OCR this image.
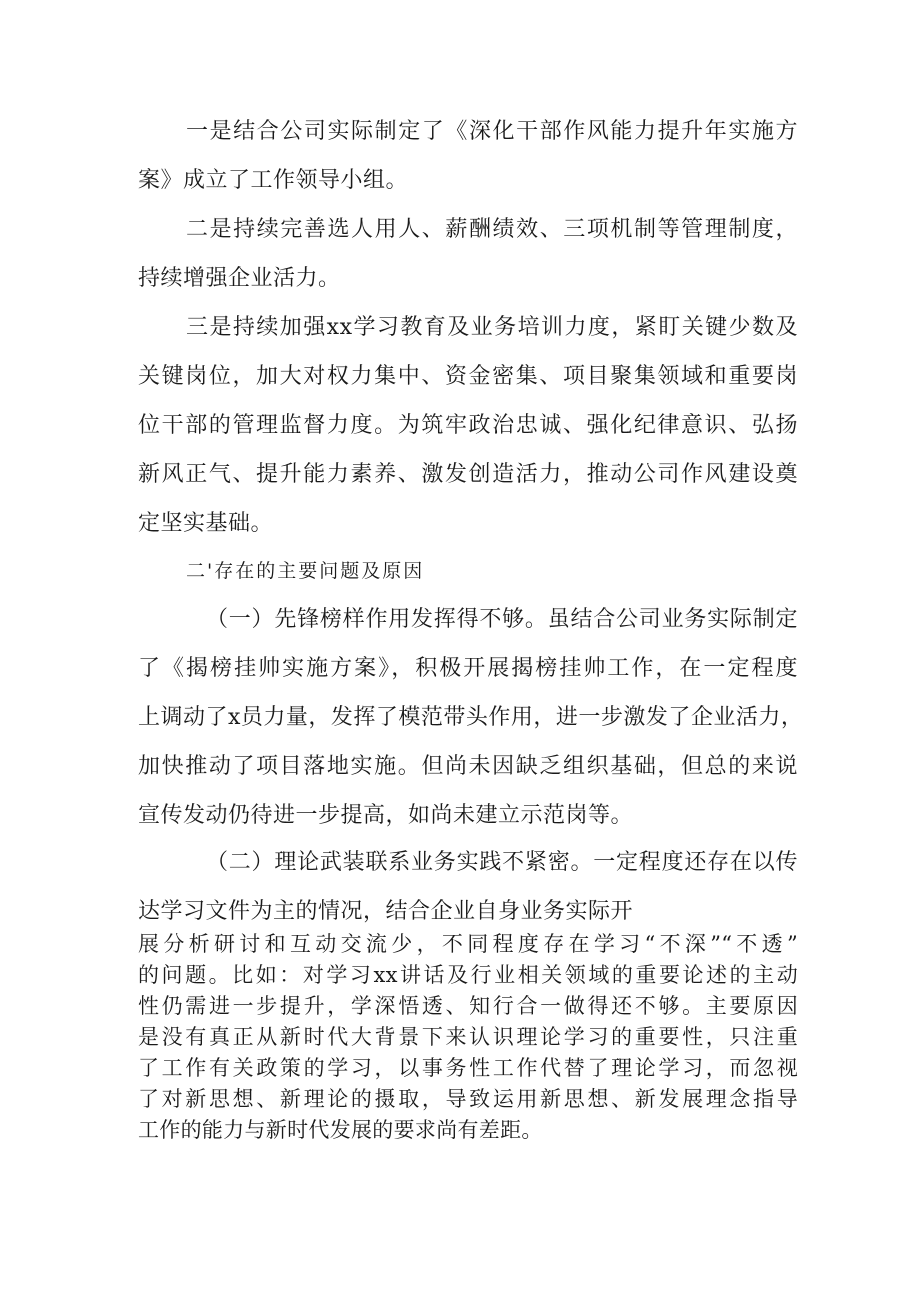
一是结合公司实际制定了《深化干部作风能力提升年实施方

案》成立了工作领导小组。

二是持续完善选人用人、薪酬绩效、三项机制等管理制度，

持续增强企业活力。

三是持续加强xx学习教育及业务培训力度，紧盯关键少数及

关键岗位，加大对权力集中、资金密集、项目聚集领域和重要岗

位干部的管理监督力度。为筑牢政治忠诚、强化纪律意识、弘扬

新风正气、提升能力素养、激发创造活力，推动公司作风建设奠

定坚实基础。

二'存在的主要问题及原因

（一）先锋榜样作用发挥得不够。虽结合公司业务实际制定

了《揭榜挂帅实施方案》，积极开展揭榜挂帅工作，在一定程度

上调动了x员力量，发挥了模范带头作用，进一步激发了企业活力，

加快推动了项目落地实施。但尚未因缺乏组织基础，但总的来说

宣传发动仍待进一步提高，如尚未建立示范岗等。

（二）理论武装联系业务实践不紧密。一定程度还存在以传

达学习文件为主的情况，结合企业自身业务实际开

展分析研讨和互动交流少，不同程度存在学习“不深”“不透”

的问题。比如：对学习xx讲话及行业相关领域的重要论述的主动

性仍需进一步提升，学深悟透、知行合一做得还不够。主要原因

是没有真正从新时代大背景下来认识理论学习的重要性，只注重

了工作有关政策的学习，以事务性工作代替了理论学习，而忽视

了对新思想、新理论的摄取，导致运用新思想、新发展理念指导

工作的能力与新时代发展的要求尚有差距。
